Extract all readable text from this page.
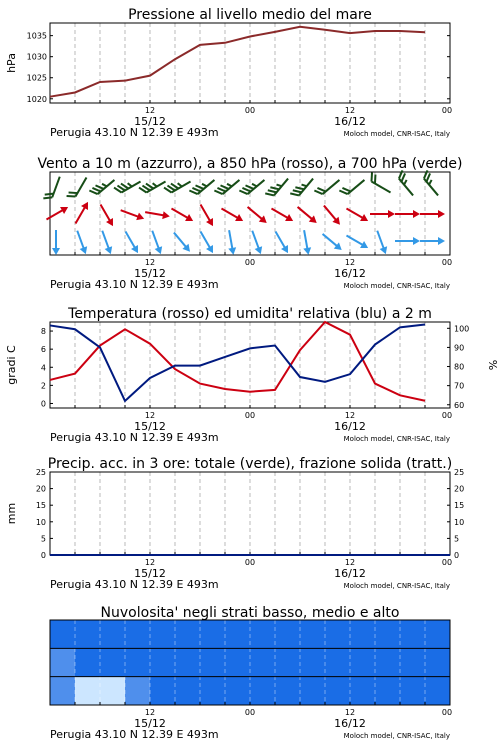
12	00	12	00
15/12	16/12
Perugia 43.10 N 12.39 E 493m	Moloch model, CNR-ISAC, Italy
Pressione al livello medio del mare
1020
1025
1030
1035
hPa
12	00	12	00
15/12	16/12
Perugia 43.10 N 12.39 E 493m	Moloch model, CNR-ISAC, Italy
Vento a 10 m (azzurro), a 850 hPa (rosso), a 700 hPa (verde)
12	00	12	00
15/12	16/12
Perugia 43.10 N 12.39 E 493m	Moloch model, CNR-ISAC, Italy
Temperatura (rosso) ed umidita' relativa (blu) a 2 m
0
2
4
6
8
60
70
80
90
100
gradi C	%
12	00	12	00
15/12	16/12
Perugia 43.10 N 12.39 E 493m	Moloch model, CNR-ISAC, Italy
Precip. acc. in 3 ore: totale (verde), frazione solida (tratt.)
0	0
5	5
10	10
15	15
20	20
25	25
mm
12	00	12	00
15/12	16/12
Perugia 43.10 N 12.39 E 493m	Moloch model, CNR-ISAC, Italy
Nuvolosita' negli strati basso, medio e alto
